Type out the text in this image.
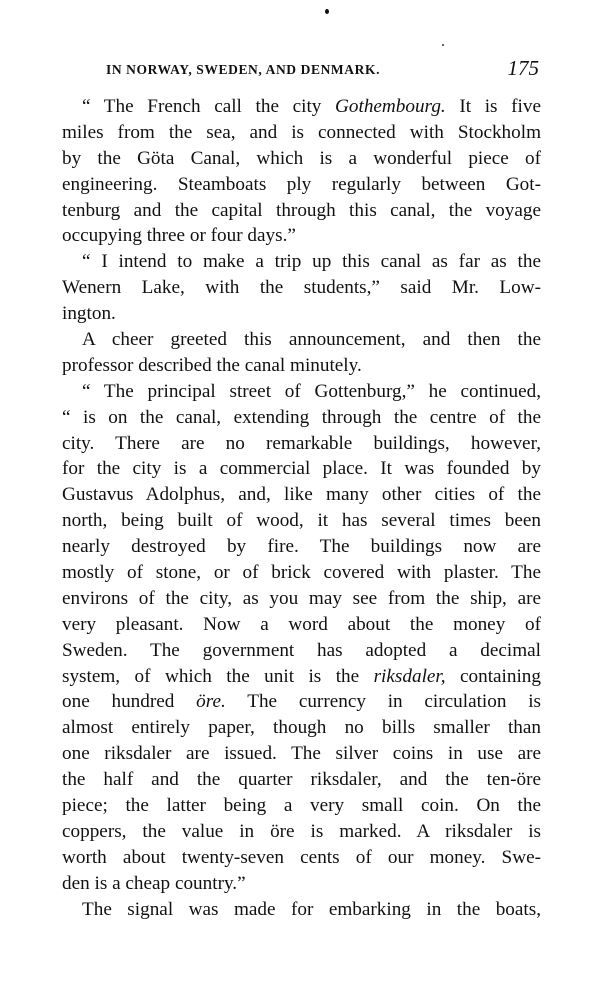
IN NORWAY, SWEDEN, AND DENMARK.	175
“ The French call the city Gothembourg. It is five
miles from the sea, and is connected with Stockholm
by the Göta Canal, which is a wonderful piece of
engineering. Steamboats ply regularly between Got-
tenburg and the capital through this canal, the voyage
occupying three or four days.”
“ I intend to make a trip up this canal as far as the
Wenern Lake, with the students,” said Mr. Low-
ington.
A cheer greeted this announcement, and then the
professor described the canal minutely.
“ The principal street of Gottenburg,” he continued,
“ is on the canal, extending through the centre of the
city. There are no remarkable buildings, however,
for the city is a commercial place. It was founded by
Gustavus Adolphus, and, like many other cities of the
north, being built of wood, it has several times been
nearly destroyed by fire. The buildings now are
mostly of stone, or of brick covered with plaster. The
environs of the city, as you may see from the ship, are
very pleasant. Now a word about the money of
Sweden. The government has adopted a decimal
system, of which the unit is the riksdaler, containing
one hundred öre. The currency in circulation is
almost entirely paper, though no bills smaller than
one riksdaler are issued. The silver coins in use are
the half and the quarter riksdaler, and the ten-öre
piece; the latter being a very small coin. On the
coppers, the value in öre is marked. A riksdaler is
worth about twenty-seven cents of our money. Swe-
den is a cheap country.”
The signal was made for embarking in the boats,
